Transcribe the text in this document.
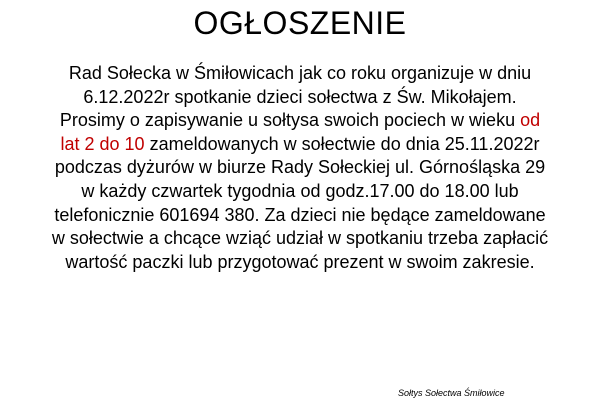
OGŁOSZENIE
Rad Sołecka w Śmiłowicach jak co roku organizuje w dniu
6.12.2022r spotkanie dzieci sołectwa z Św. Mikołajem.
Prosimy o zapisywanie u sołtysa swoich pociech w wieku od
lat 2 do 10 zameldowanych w sołectwie do dnia 25.11.2022r
podczas dyżurów w biurze Rady Sołeckiej ul. Górnośląska 29
w każdy czwartek tygodnia od godz.17.00 do 18.00 lub
telefonicznie 601694 380. Za dzieci nie będące zameldowane
w sołectwie a chcące wziąć udział w spotkaniu trzeba zapłacić
wartość paczki lub przygotować prezent w swoim zakresie.
Sołtys Sołectwa Śmiłowice
